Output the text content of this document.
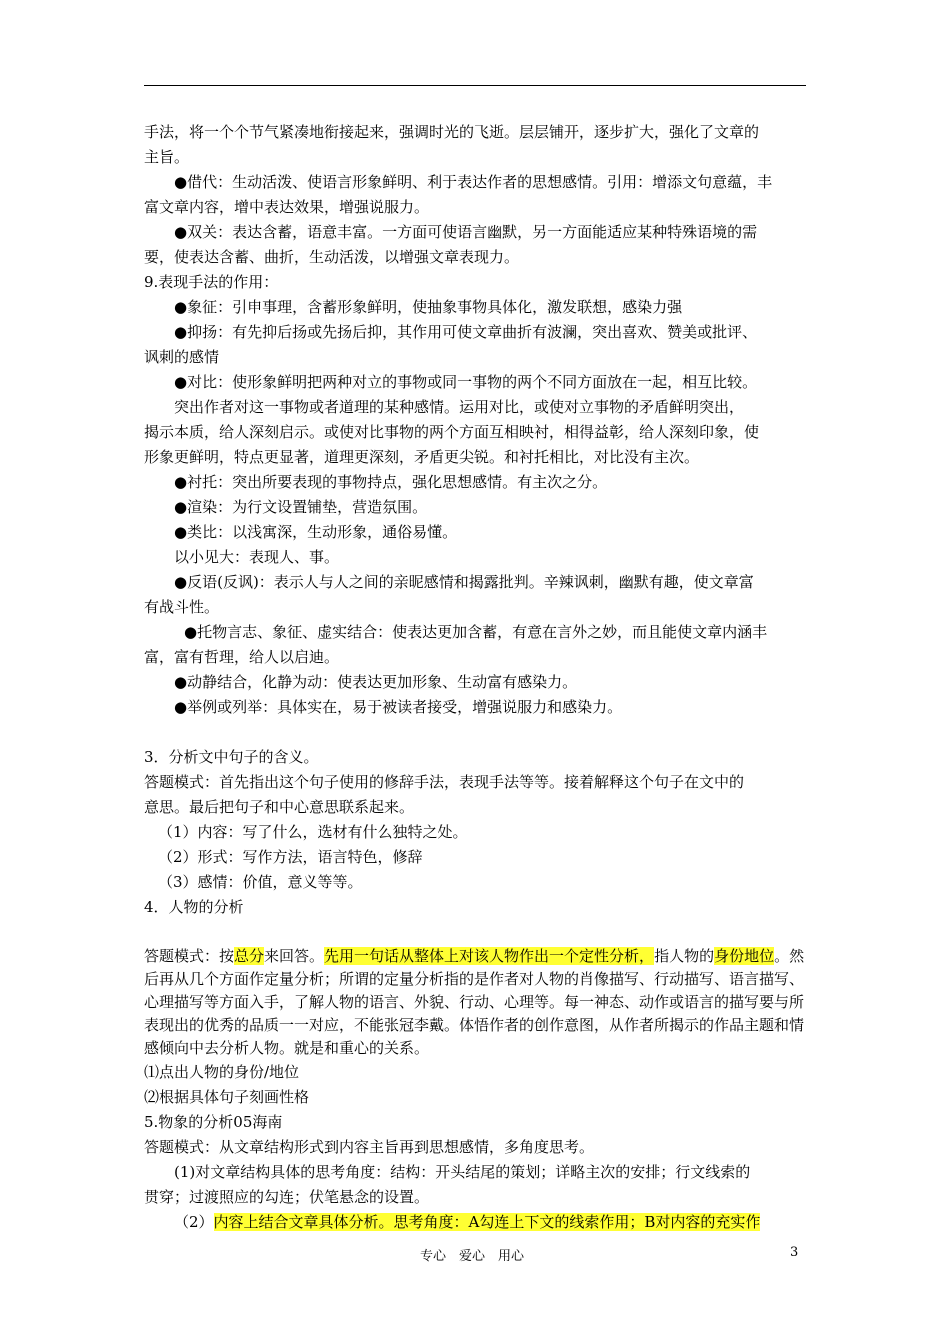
手法，将一个个节气紧凑地衔接起来，强调时光的飞逝。层层铺开，逐步扩大，强化了文章的

主旨。

●借代：生动活泼、使语言形象鲜明、利于表达作者的思想感情。引用：增添文句意蕴，丰

富文章内容，增中表达效果，增强说服力。

●双关：表达含蓄，语意丰富。一方面可使语言幽默，另一方面能适应某种特殊语境的需

要，使表达含蓄、曲折，生动活泼，以增强文章表现力。

9.表现手法的作用：

●象征：引申事理，含蓄形象鲜明，使抽象事物具体化，激发联想，感染力强

●抑扬：有先抑后扬或先扬后抑，其作用可使文章曲折有波澜，突出喜欢、赞美或批评、

讽刺的感情

●对比：使形象鲜明把两种对立的事物或同一事物的两个不同方面放在一起，相互比较。

突出作者对这一事物或者道理的某种感情。运用对比，或使对立事物的矛盾鲜明突出，

揭示本质，给人深刻启示。或使对比事物的两个方面互相映衬，相得益彰，给人深刻印象，使

形象更鲜明，特点更显著，道理更深刻，矛盾更尖锐。和衬托相比，对比没有主次。

●衬托：突出所要表现的事物持点，强化思想感情。有主次之分。

●渲染：为行文设置铺垫，营造氛围。

●类比：以浅寓深，生动形象，通俗易懂。

以小见大：表现人、事。

●反语(反讽)：表示人与人之间的亲昵感情和揭露批判。辛辣讽刺，幽默有趣，使文章富

有战斗性。

●托物言志、象征、虚实结合：使表达更加含蓄，有意在言外之妙，而且能使文章内涵丰

富，富有哲理，给人以启迪。

●动静结合，化静为动：使表达更加形象、生动富有感染力。

●举例或列举：具体实在，易于被读者接受，增强说服力和感染力。

3．分析文中句子的含义。

答题模式：首先指出这个句子使用的修辞手法，表现手法等等。接着解释这个句子在文中的

意思。最后把句子和中心意思联系起来。

（1）内容：写了什么，选材有什么独特之处。

（2）形式：写作方法，语言特色，修辞

（3）感情：价值，意义等等。

4．人物的分析

答题模式：按总分来回答。先用一句话从整体上对该人物作出一个定性分析，指人物的身份地位。然后再从几个方面作定量分析；所谓的定量分析指的是作者对人物的肖像描写、行动描写、语言描写、心理描写等方面入手，了解人物的语言、外貌、行动、心理等。每一神态、动作或语言的描写要与所表现出的优秀的品质一一对应，不能张冠李戴。体悟作者的创作意图，从作者所揭示的作品主题和情感倾向中去分析人物。就是和重心的关系。

⑴点出人物的身份/地位

⑵根据具体句子刻画性格

5.物象的分析05海南

答题模式：从文章结构形式到内容主旨再到思想感情，多角度思考。

(1)对文章结构具体的思考角度：结构：开头结尾的策划；详略主次的安排；行文线索的

贯穿；过渡照应的勾连；伏笔悬念的设置。

（2）内容上结合文章具体分析。思考角度：A勾连上下文的线索作用；B对内容的充实作

专心　爱心　用心	3
